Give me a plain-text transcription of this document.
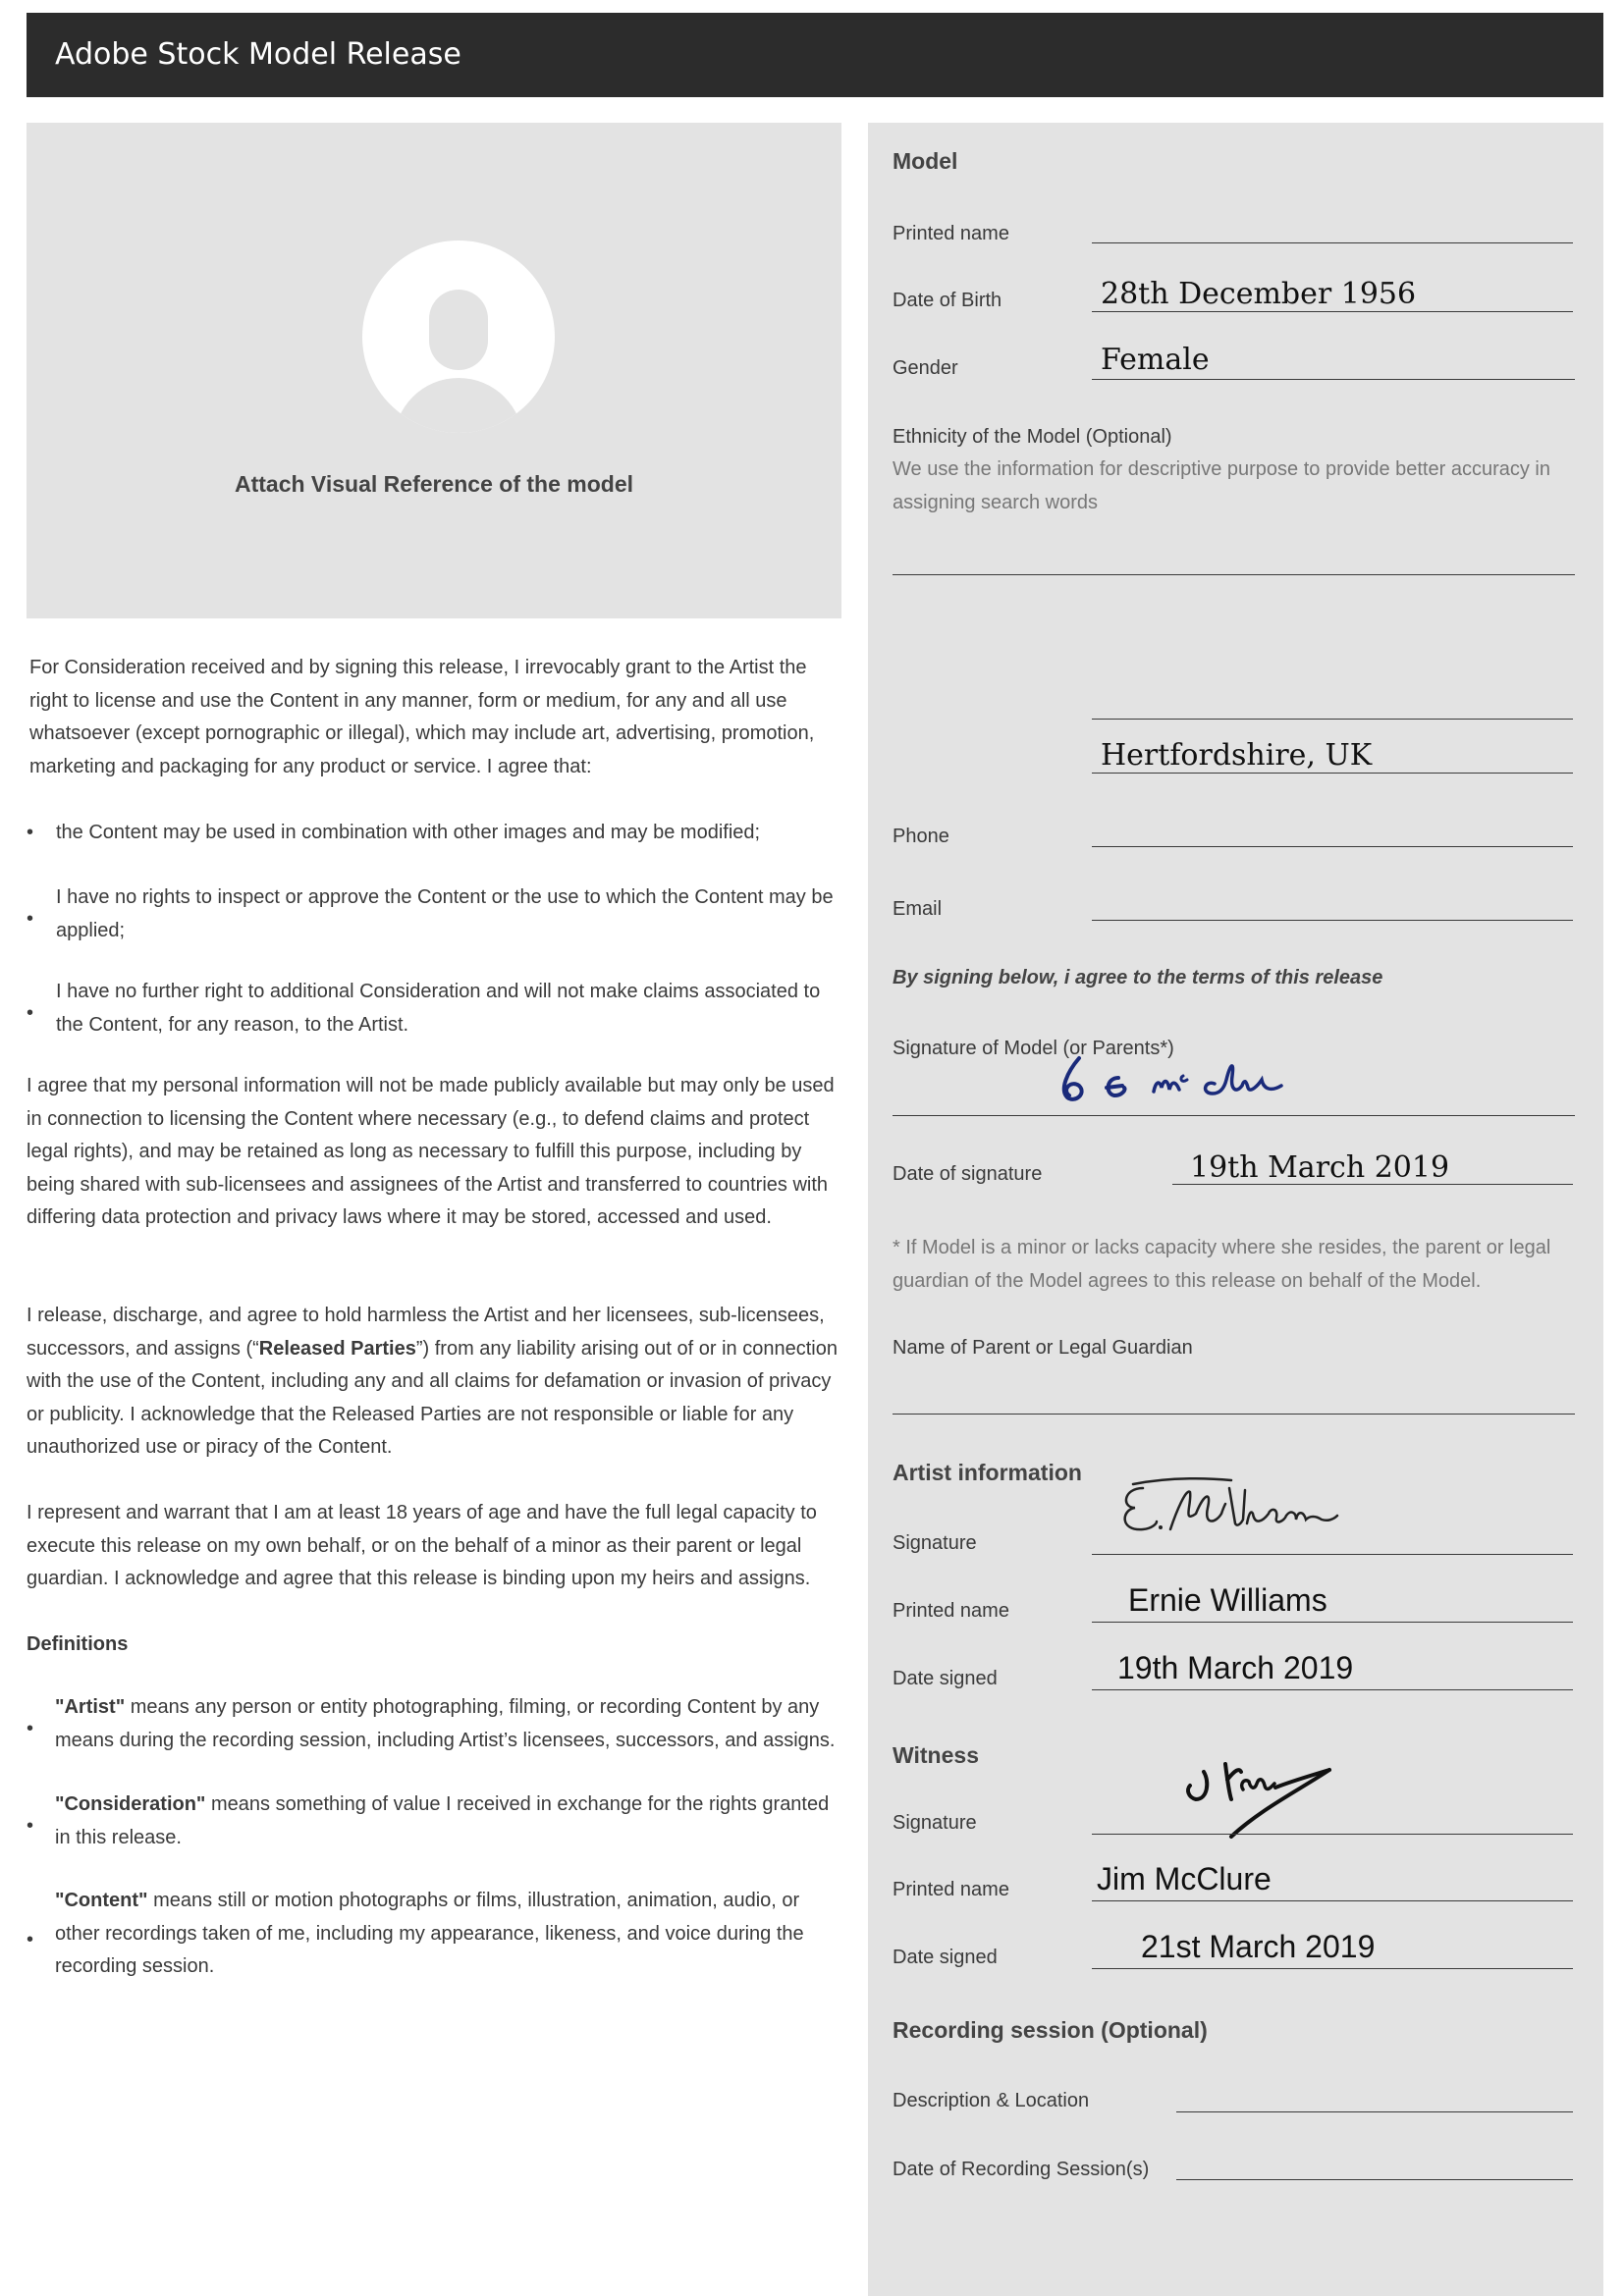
Adobe Stock Model Release
Attach Visual Reference of the model
For Consideration received and by signing this release, I irrevocably grant to the Artist the right to license and use the Content in any manner, form or medium, for any and all use whatsoever (except pornographic or illegal), which may include art, advertising, promotion, marketing and packaging for any product or service. I agree that:
• the Content may be used in combination with other images and may be modified;
•
I have no rights to inspect or approve the Content or the use to which the Content may be applied;
•
I have no further right to additional Consideration and will not make claims associated to the Content, for any reason, to the Artist.
I agree that my personal information will not be made publicly available but may only be used in connection to licensing the Content where necessary (e.g., to defend claims and protect legal rights), and may be retained as long as necessary to fulfill this purpose, including by being shared with sub-licensees and assignees of the Artist and transferred to countries with differing data protection and privacy laws where it may be stored, accessed and used.
I release, discharge, and agree to hold harmless the Artist and her licensees, sub-licensees, successors, and assigns (“Released Parties”) from any liability arising out of or in connection with the use of the Content, including any and all claims for defamation or invasion of privacy or publicity. I acknowledge that the Released Parties are not responsible or liable for any unauthorized use or piracy of the Content.
I represent and warrant that I am at least 18 years of age and have the full legal capacity to execute this release on my own behalf, or on the behalf of a minor as their parent or legal guardian. I acknowledge and agree that this release is binding upon my heirs and assigns.
Definitions
•
"Artist" means any person or entity photographing, filming, or recording Content by any means during the recording session, including Artist’s licensees, successors, and assigns.
•
"Consideration" means something of value I received in exchange for the rights granted in this release.
•
"Content" means still or motion photographs or films, illustration, animation, audio, or other recordings taken of me, including my appearance, likeness, and voice during the recording session.
Model
Printed name
Date of Birth	28th December 1956
Gender	Female
Ethnicity of the Model (Optional)
We use the information for descriptive purpose to provide better accuracy in assigning search words
Hertfordshire, UK
Phone
Email
By signing below, i agree to the terms of this release
Signature of Model (or Parents*)
Date of signature	19th March 2019
* If Model is a minor or lacks capacity where she resides, the parent or legal guardian of the Model agrees to this release on behalf of the Model.
Name of Parent or Legal Guardian
Artist information
Signature
Printed name	Ernie Williams
Date signed	19th March 2019
Witness
Signature
Printed name	Jim McClure
Date signed	21st March 2019
Recording session (Optional)
Description & Location
Date of Recording Session(s)
